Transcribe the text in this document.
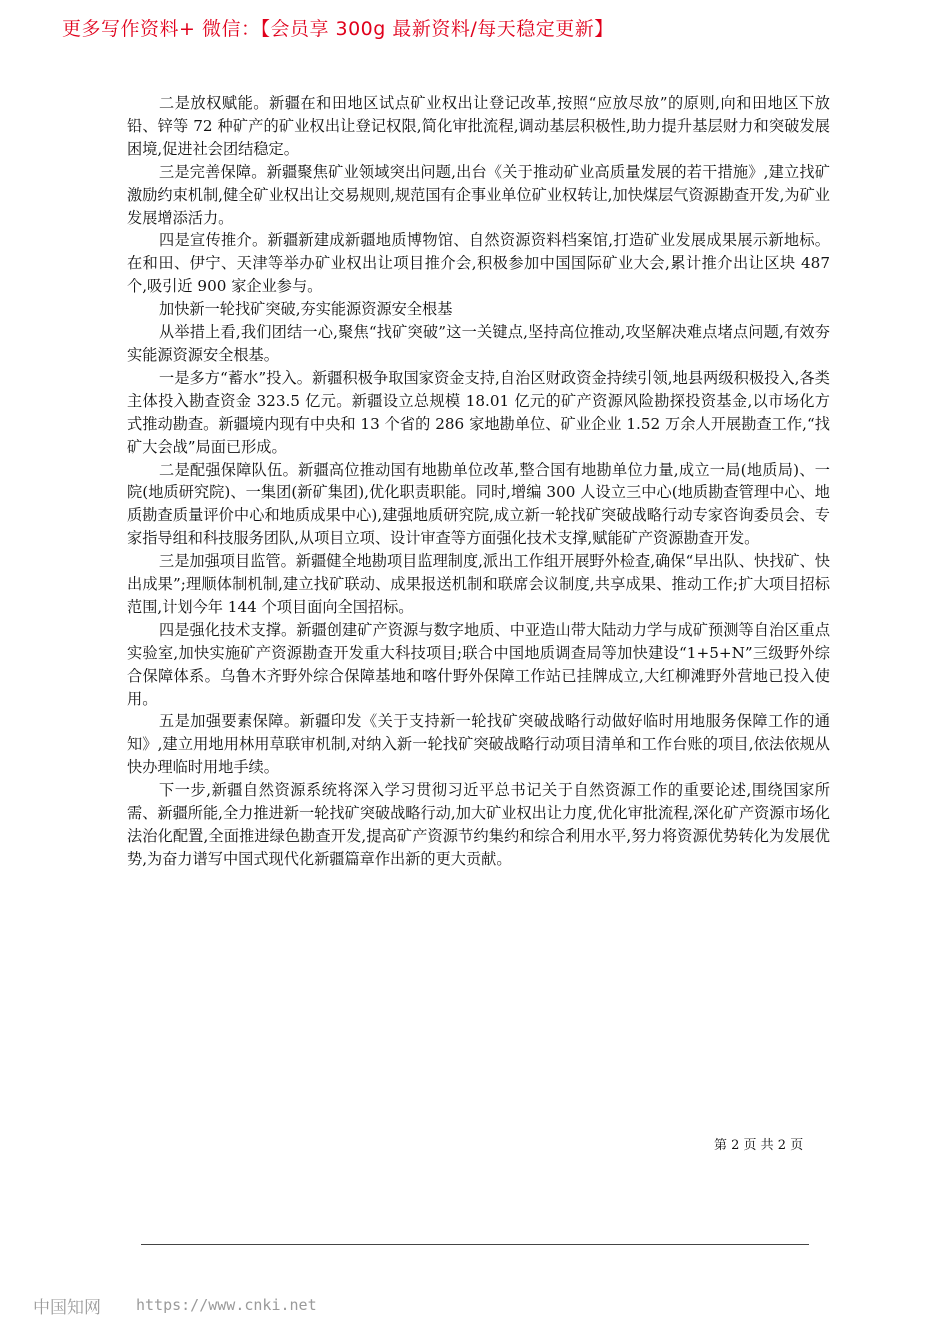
更多写作资料+ 微信：【会员享 300g 最新资料/每天稳定更新】

二是放权赋能。新疆在和田地区试点矿业权出让登记改革,按照“应放尽放”的原则,向和田地区下放铅、锌等 72 种矿产的矿业权出让登记权限,简化审批流程,调动基层积极性,助力提升基层财力和突破发展困境,促进社会团结稳定。

三是完善保障。新疆聚焦矿业领域突出问题,出台《关于推动矿业高质量发展的若干措施》,建立找矿激励约束机制,健全矿业权出让交易规则,规范国有企事业单位矿业权转让,加快煤层气资源勘查开发,为矿业发展增添活力。

四是宣传推介。新疆新建成新疆地质博物馆、自然资源资料档案馆,打造矿业发展成果展示新地标。在和田、伊宁、天津等举办矿业权出让项目推介会,积极参加中国国际矿业大会,累计推介出让区块 487 个,吸引近 900 家企业参与。

加快新一轮找矿突破,夯实能源资源安全根基

从举措上看,我们团结一心,聚焦“找矿突破”这一关键点,坚持高位推动,攻坚解决难点堵点问题,有效夯实能源资源安全根基。

一是多方“蓄水”投入。新疆积极争取国家资金支持,自治区财政资金持续引领,地县两级积极投入,各类主体投入勘查资金 323.5 亿元。新疆设立总规模 18.01 亿元的矿产资源风险勘探投资基金,以市场化方式推动勘查。新疆境内现有中央和 13 个省的 286 家地勘单位、矿业企业 1.52 万余人开展勘查工作,“找矿大会战”局面已形成。

二是配强保障队伍。新疆高位推动国有地勘单位改革,整合国有地勘单位力量,成立一局(地质局)、一院(地质研究院)、一集团(新矿集团),优化职责职能。同时,增编 300 人设立三中心(地质勘查管理中心、地质勘查质量评价中心和地质成果中心),建强地质研究院,成立新一轮找矿突破战略行动专家咨询委员会、专家指导组和科技服务团队,从项目立项、设计审查等方面强化技术支撑,赋能矿产资源勘查开发。

三是加强项目监管。新疆健全地勘项目监理制度,派出工作组开展野外检查,确保“早出队、快找矿、快出成果”;理顺体制机制,建立找矿联动、成果报送机制和联席会议制度,共享成果、推动工作;扩大项目招标范围,计划今年 144 个项目面向全国招标。

四是强化技术支撑。新疆创建矿产资源与数字地质、中亚造山带大陆动力学与成矿预测等自治区重点实验室,加快实施矿产资源勘查开发重大科技项目;联合中国地质调查局等加快建设“1+5+N”三级野外综合保障体系。乌鲁木齐野外综合保障基地和喀什野外保障工作站已挂牌成立,大红柳滩野外营地已投入使用。

五是加强要素保障。新疆印发《关于支持新一轮找矿突破战略行动做好临时用地服务保障工作的通知》,建立用地用林用草联审机制,对纳入新一轮找矿突破战略行动项目清单和工作台账的项目,依法依规从快办理临时用地手续。

下一步,新疆自然资源系统将深入学习贯彻习近平总书记关于自然资源工作的重要论述,围绕国家所需、新疆所能,全力推进新一轮找矿突破战略行动,加大矿业权出让力度,优化审批流程,深化矿产资源市场化法治化配置,全面推进绿色勘查开发,提高矿产资源节约集约和综合利用水平,努力将资源优势转化为发展优势,为奋力谱写中国式现代化新疆篇章作出新的更大贡献。

第 2 页 共 2 页
中国知网 https://www.cnki.net
